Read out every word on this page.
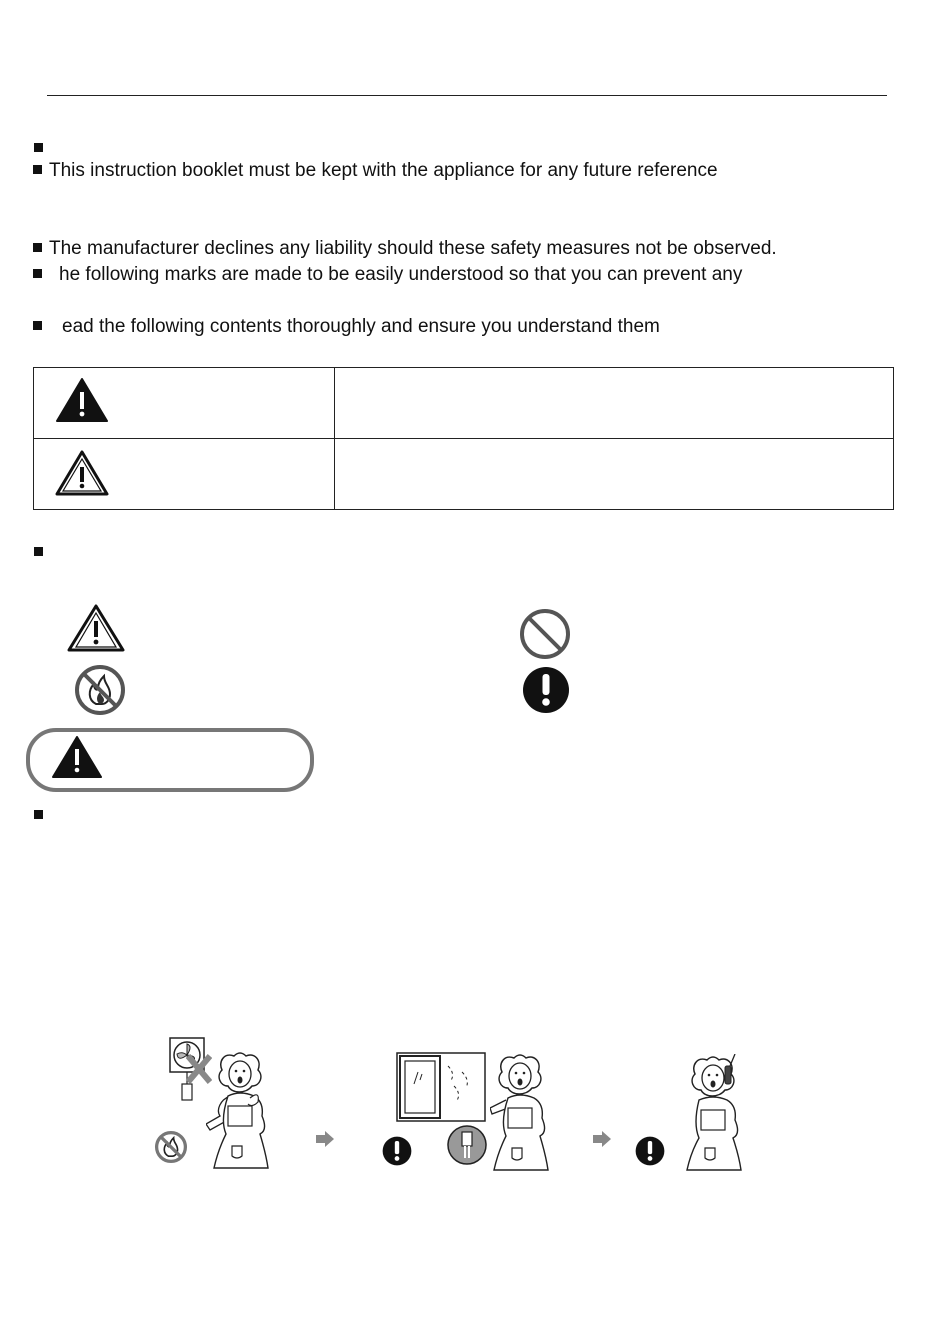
This instruction booklet must be kept with the appliance for any future reference
The manufacturer declines any liability should these safety measures not be observed.
he following marks are made to be easily understood so that you can prevent any
ead the following contents thoroughly and ensure you understand them
